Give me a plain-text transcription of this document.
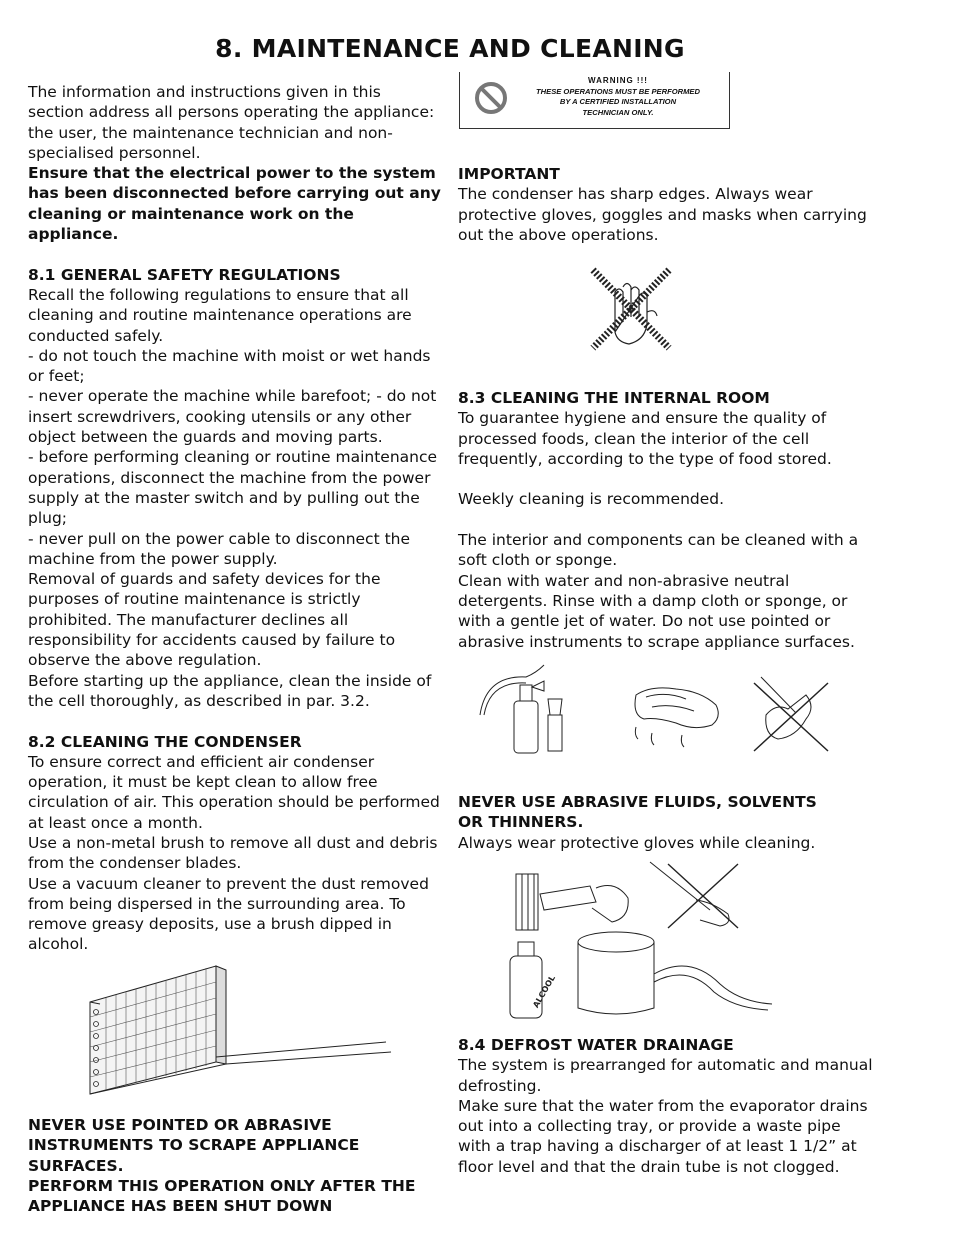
8. MAINTENANCE AND CLEANING

The information and instructions given in this

section address all persons operating the appliance:

the user, the maintenance technician and non-

specialised personnel.

Ensure that the electrical power to the system

has been disconnected before carrying out any

cleaning or maintenance work on the appliance.

8.1 GENERAL SAFETY REGULATIONS

Recall the following regulations to ensure that all

cleaning and routine maintenance operations are

conducted safely.

- do not touch the machine with moist or wet hands

or feet;

- never operate the machine while barefoot; - do not

insert screwdrivers, cooking utensils or any other

object between the guards and moving parts.

- before performing cleaning or routine maintenance

operations, disconnect the machine from the power

supply at the master switch and by pulling out the

plug;

- never pull on the power cable to disconnect the

machine from the power supply.

Removal of guards and safety devices for the

purposes of routine maintenance is strictly

prohibited. The manufacturer declines all

responsibility for accidents caused by failure to

observe the above regulation.

Before starting up the appliance, clean the inside of

the cell thoroughly, as described in par. 3.2.

8.2 CLEANING THE CONDENSER

To ensure correct and efficient air condenser

operation, it must be kept clean to allow free

circulation of air. This operation should be performed

at least once a month.

Use a non-metal brush to remove all dust and debris

from the condenser blades.

Use a vacuum cleaner to prevent the dust removed

from being dispersed in the surrounding area. To

remove greasy deposits, use a brush dipped in

alcohol.

NEVER USE POINTED OR ABRASIVE

INSTRUMENTS TO SCRAPE APPLIANCE SURFACES.

PERFORM THIS OPERATION ONLY AFTER THE

APPLIANCE HAS BEEN SHUT DOWN

WARNING !!!
THESE OPERATIONS MUST BE PERFORMED
BY A CERTIFIED INSTALLATION
TECHNICIAN ONLY.

IMPORTANT

The condenser has sharp edges. Always wear

protective gloves, goggles and masks when carrying

out the above operations.

8.3 CLEANING THE INTERNAL ROOM

To guarantee hygiene and ensure the quality of

processed foods, clean the interior of the cell

frequently, according to the type of food stored.

Weekly cleaning is recommended.

The interior and components can be cleaned with a

soft cloth or sponge.

Clean with water and non-abrasive neutral

detergents. Rinse with a damp cloth or sponge, or

with a gentle jet of water. Do not use pointed or

abrasive instruments to scrape appliance surfaces.

NEVER USE ABRASIVE FLUIDS, SOLVENTS

OR THINNERS.

Always wear protective gloves while cleaning.

ALCOOL

8.4 DEFROST WATER DRAINAGE

The system is prearranged for automatic and manual

defrosting.

Make sure that the water from the evaporator drains

out into a collecting tray, or provide a waste pipe

with a trap having a discharger of at least 1 1/2” at

floor level and that the drain tube is not clogged.
